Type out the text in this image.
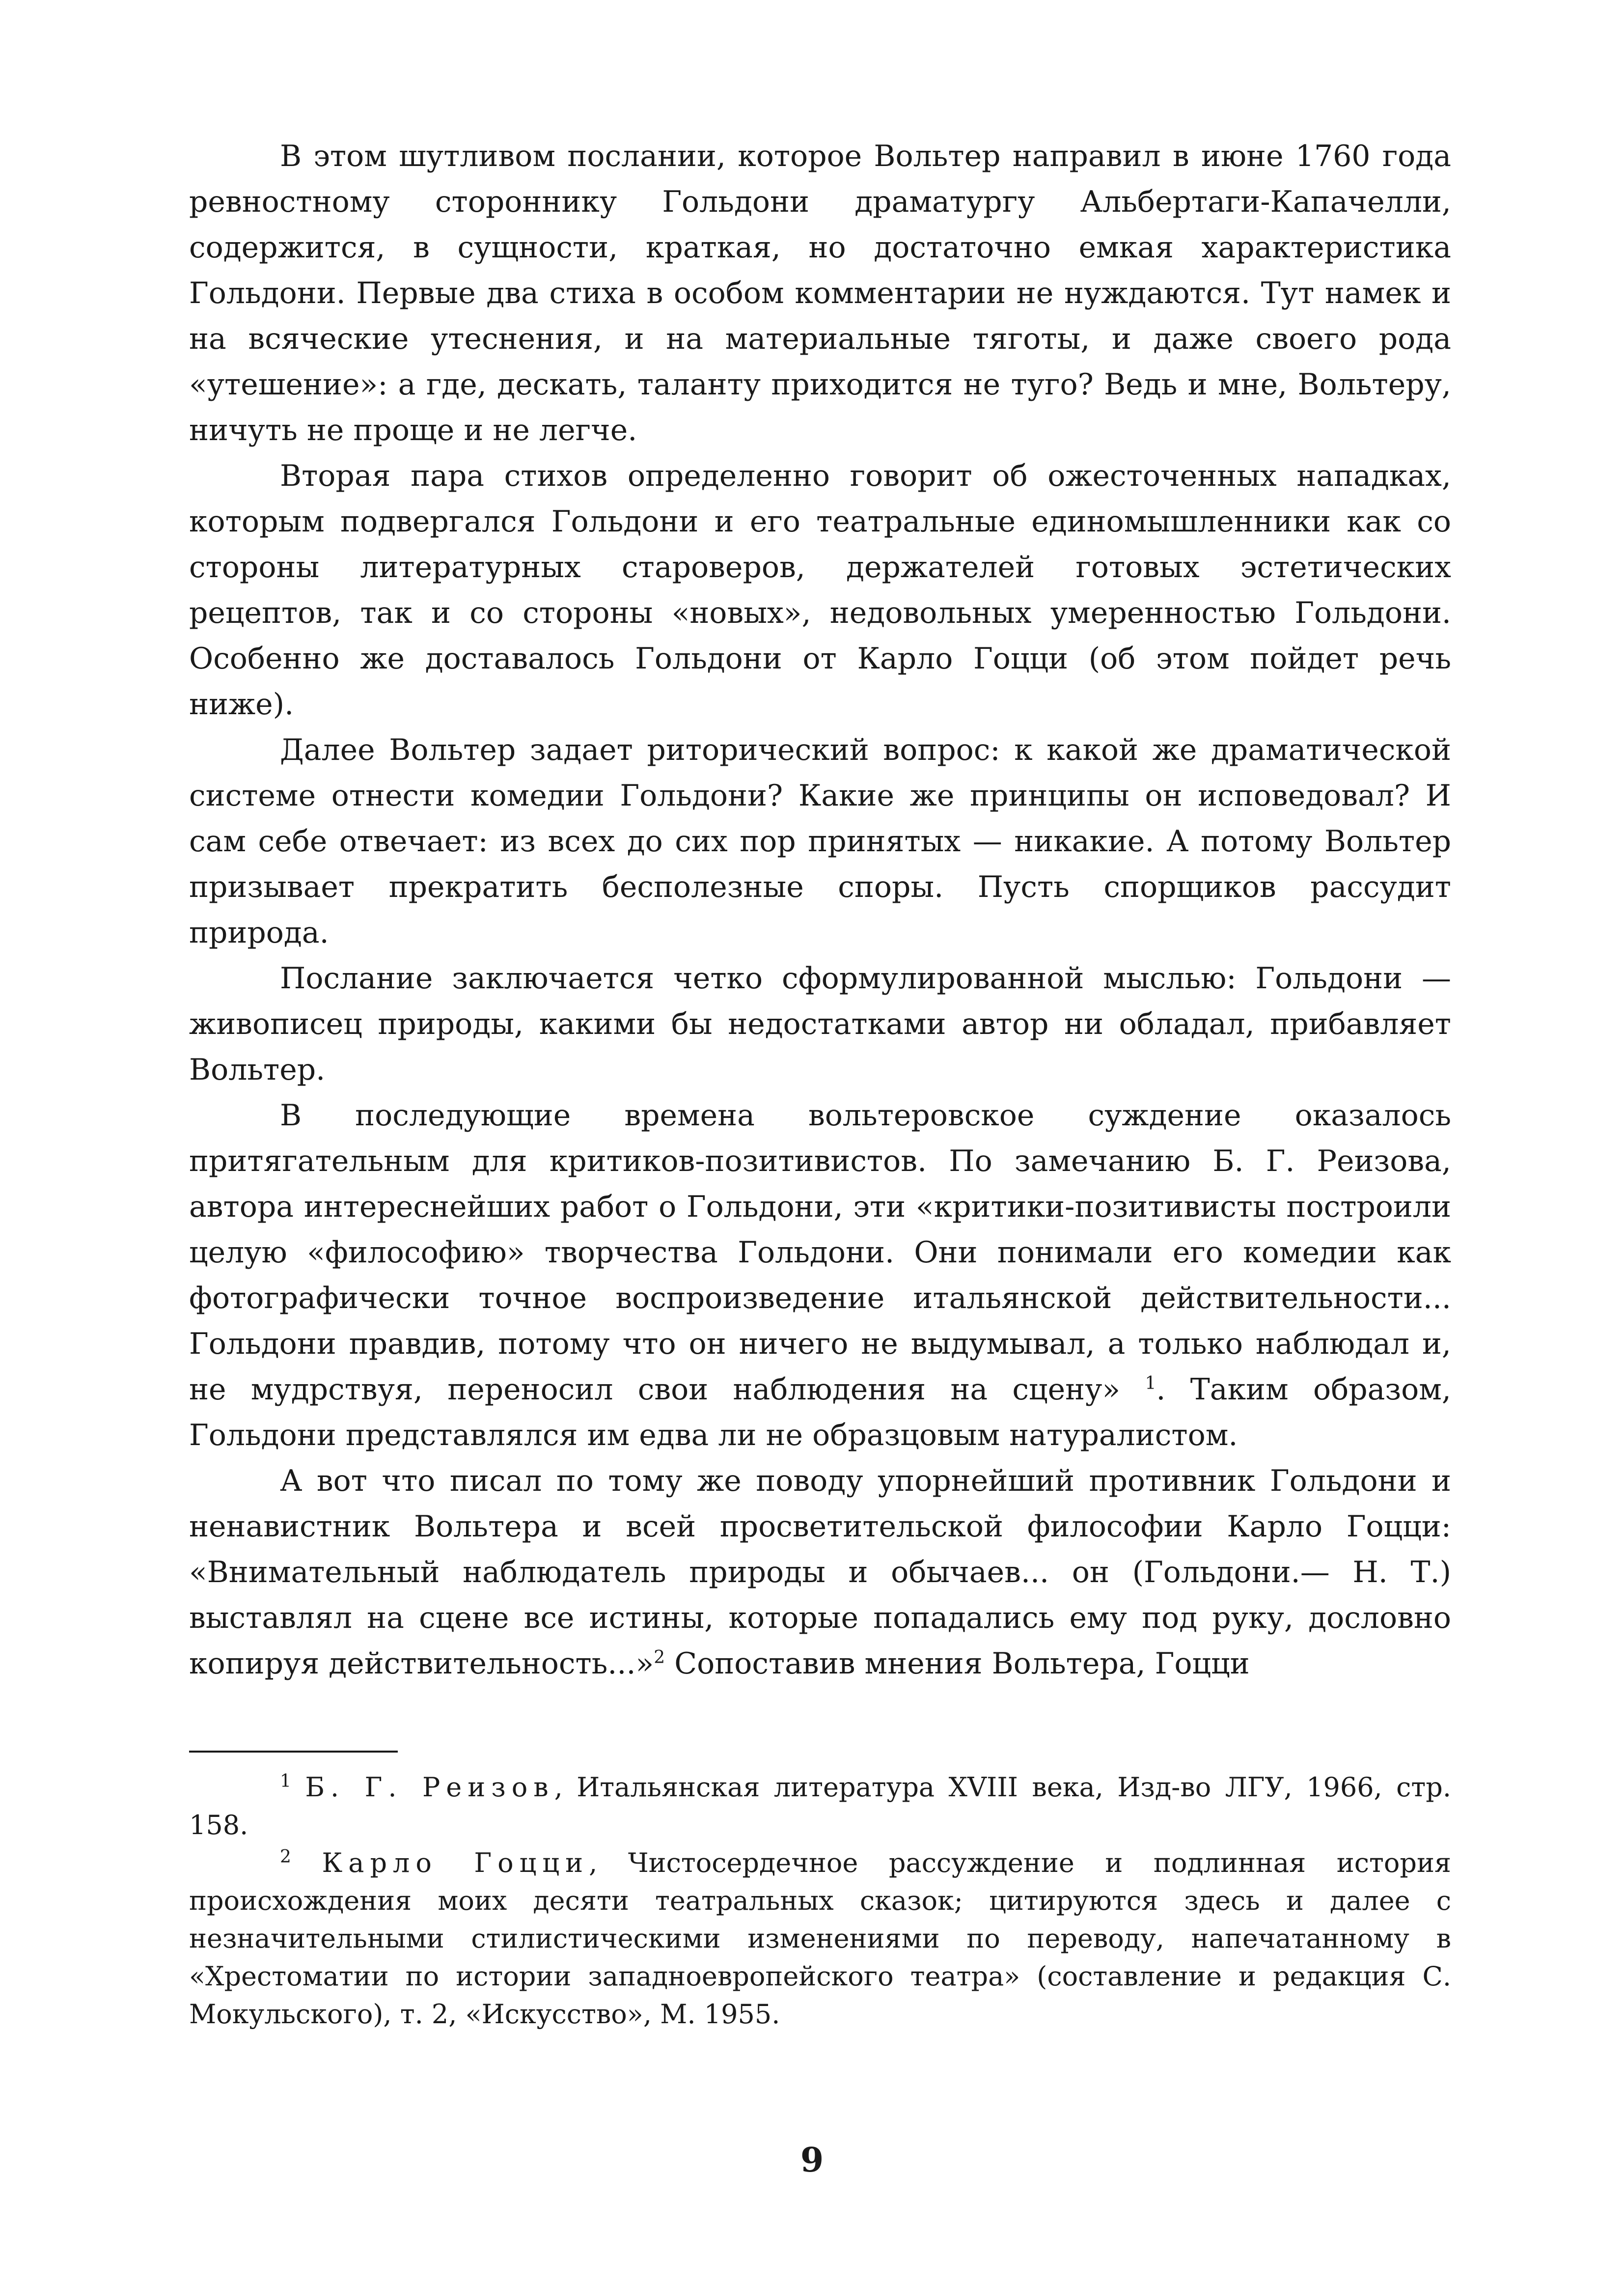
В этом шутливом послании, которое Вольтер направил в июне 1760 года ревностному стороннику Гольдони драматургу Альбертаги-Капачелли, содержится, в сущности, краткая, но достаточно емкая характеристика Гольдони. Первые два стиха в особом комментарии не нуждаются. Тут намек и на всяческие утеснения, и на материальные тяготы, и даже своего рода «утешение»: а где, дескать, таланту приходится не туго? Ведь и мне, Вольтеру, ничуть не проще и не легче.

Вторая пара стихов определенно говорит об ожесточенных нападках, которым подвергался Гольдони и его театральные единомышленники как со стороны литературных староверов, держателей готовых эстетических рецептов, так и со стороны «новых», недовольных умеренностью Гольдони. Особенно же доставалось Гольдони от Карло Гоцци (об этом пойдет речь ниже).

Далее Вольтер задает риторический вопрос: к какой же драматической системе отнести комедии Гольдони? Какие же принципы он исповедовал? И сам себе отвечает: из всех до сих пор принятых — никакие. А потому Вольтер призывает прекратить бесполезные споры. Пусть спорщиков рассудит природа.

Послание заключается четко сформулированной мыслью: Гольдони — живописец природы, какими бы недостатками автор ни обладал, прибавляет Вольтер.

В последующие времена вольтеровское суждение оказалось притягательным для критиков-позитивистов. По замечанию Б. Г. Реизова, автора интереснейших работ о Гольдони, эти «критики-позитивисты построили целую «философию» творчества Гольдони. Они понимали его комедии как фотографически точное воспроизведение итальянской действительности... Гольдони правдив, потому что он ничего не выдумывал, а только наблюдал и, не мудрствуя, переносил свои наблюдения на сцену» $^1$. Таким образом, Гольдони представлялся им едва ли не образцовым натуралистом.

А вот что писал по тому же поводу упорнейший противник Гольдони и ненавистник Вольтера и всей просветительской философии Карло Гоцци: «Внимательный наблюдатель природы и обычаев... он (Гольдони.— Н. Т.) выставлял на сцене все истины, которые попадались ему под руку, дословно копируя действительность...»$^2$ Сопоставив мнения Вольтера, Гоцци

$^1$ Б. Г. Реизов, Итальянская литература XVIII века, Изд-во ЛГУ, 1966, стр. 158.

$^2$ Карло Гоцци, Чистосердечное рассуждение и подлинная история происхождения моих десяти театральных сказок; цитируются здесь и далее с незначительными стилистическими изменениями по переводу, напечатанному в «Хрестоматии по истории западноевропейского театра» (составление и редакция С. Мокульского), т. 2, «Искусство», М. 1955.

9
